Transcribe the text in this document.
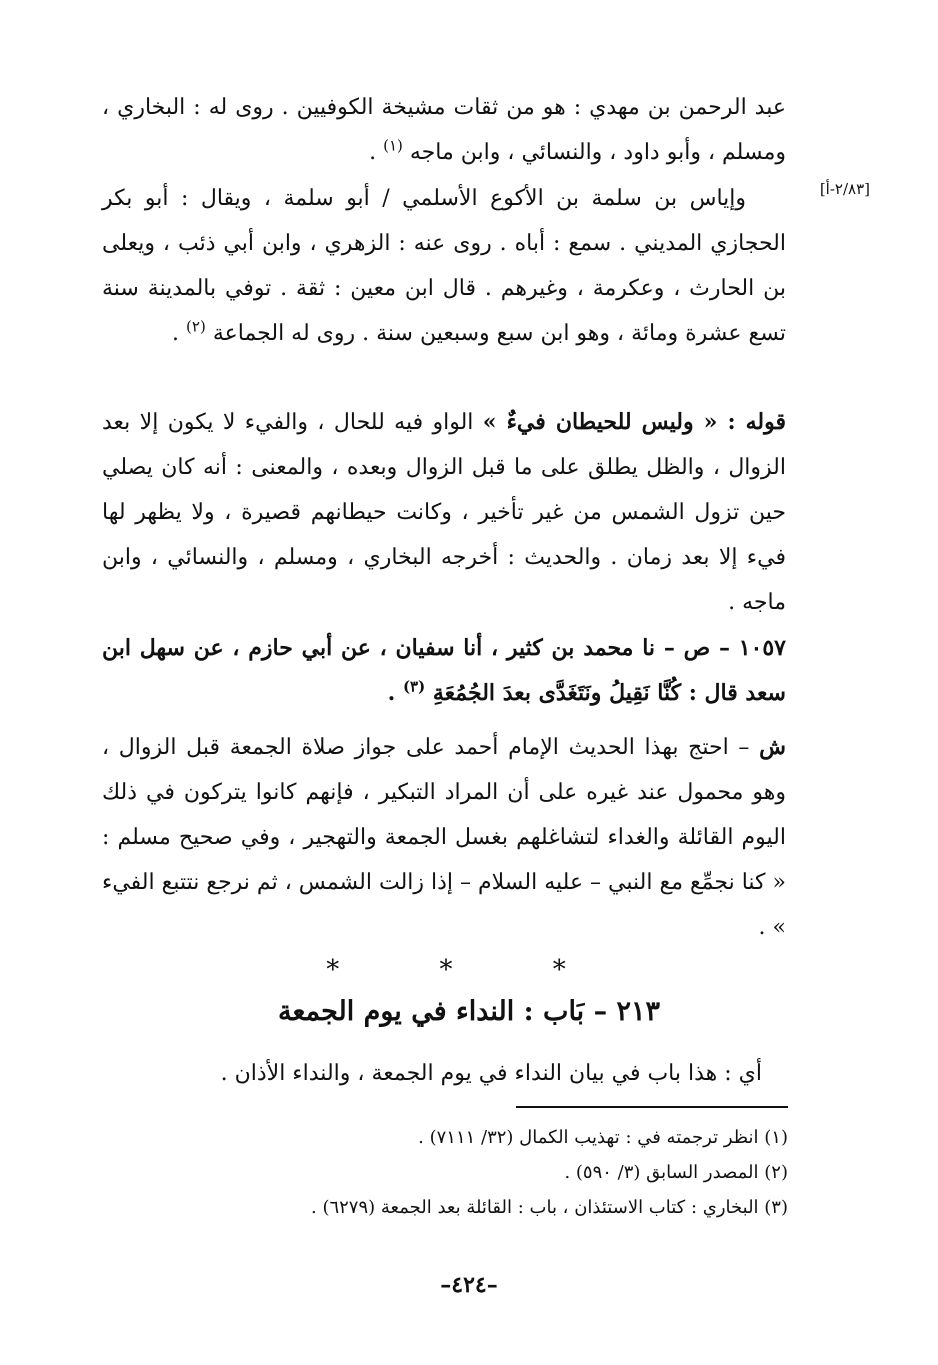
عبد الرحمن بن مهدي : هو من ثقات مشيخة الكوفيين . روى له : البخاري ، ومسلم ، وأبو داود ، والنسائي ، وابن ماجه $^{(١)}$ .

[٢/٨٣-أ]

وإياس بن سلمة بن الأكوع الأسلمي / أبو سلمة ، ويقال : أبو بكر الحجازي المديني . سمع : أباه . روى عنه : الزهري ، وابن أبي ذئب ، ويعلى بن الحارث ، وعكرمة ، وغيرهم . قال ابن معين : ثقة . توفي بالمدينة سنة تسع عشرة ومائة ، وهو ابن سبع وسبعين سنة . روى له الجماعة $^{(٢)}$ .

قوله : « وليس للحيطان فيءٌ » الواو فيه للحال ، والفيء لا يكون إلا بعد الزوال ، والظل يطلق على ما قبل الزوال وبعده ، والمعنى : أنه كان يصلي حين تزول الشمس من غير تأخير ، وكانت حيطانهم قصيرة ، ولا يظهر لها فيء إلا بعد زمان . والحديث : أخرجه البخاري ، ومسلم ، والنسائي ، وابن ماجه .

١٠٥٧ – ص – نا محمد بن كثير ، أنا سفيان ، عن أبي حازم ، عن سهل ابن سعد قال : كُنَّا نَقِيلُ ونَتَغَدَّى بعدَ الجُمُعَةِ $^{(٣)}$ .

ش – احتج بهذا الحديث الإمام أحمد على جواز صلاة الجمعة قبل الزوال ، وهو محمول عند غيره على أن المراد التبكير ، فإنهم كانوا يتركون في ذلك اليوم القائلة والغداء لتشاغلهم بغسل الجمعة والتهجير ، وفي صحيح مسلم : « كنا نجمِّع مع النبي – عليه السلام – إذا زالت الشمس ، ثم نرجع نتتبع الفيء » .

* * *
٢١٣ – بَاب : النداء في يوم الجمعة

أي : هذا باب في بيان النداء في يوم الجمعة ، والنداء الأذان .

(١) انظر ترجمته في : تهذيب الكمال (٣٢/ ٧١١١) .
(٢) المصدر السابق (٣/ ٥٩٠) .
(٣) البخاري : كتاب الاستئذان ، باب : القائلة بعد الجمعة (٦٢٧٩) .
–٤٢٤–
